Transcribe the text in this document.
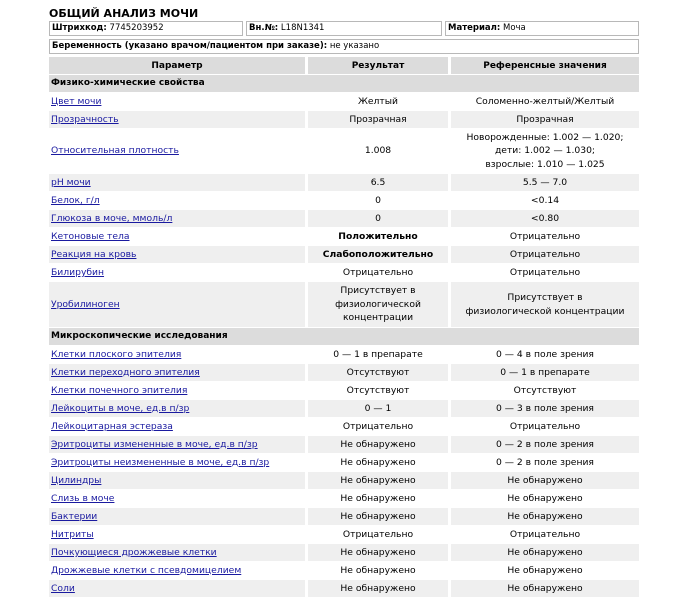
ОБЩИЙ АНАЛИЗ МОЧИ
Штрихкод: 7745203952	Вн.№: L18N1341	Материал: Моча
Беременность (указано врачом/пациентом при заказе): не указано
Параметр	Результат	Референсные значения
Физико-химические свойства		
Цвет мочи	Желтый	Соломенно-желтый/Желтый
Прозрачность	Прозрачная	Прозрачная
Относительная плотность	1.008	Новорожденные: 1.002 — 1.020;
дети: 1.002 — 1.030;
взрослые: 1.010 — 1.025
pH мочи	6.5	5.5 — 7.0
Белок, г/л	0	<0.14
Глюкоза в моче, ммоль/л	0	<0.80
Кетоновые тела	Положительно	Отрицательно
Реакция на кровь	Слабоположительно	Отрицательно
Билирубин	Отрицательно	Отрицательно
Уробилиноген	Присутствует в
физиологической
концентрации	Присутствует в
физиологической концентрации
Микроскопические исследования		
Клетки плоского эпителия	0 — 1 в препарате	0 — 4 в поле зрения
Клетки переходного эпителия	Отсутствуют	0 — 1 в препарате
Клетки почечного эпителия	Отсутствуют	Отсутствуют
Лейкоциты в моче, ед.в п/зр	0 — 1	0 — 3 в поле зрения
Лейкоцитарная эстераза	Отрицательно	Отрицательно
Эритроциты измененные в моче, ед.в п/зр	Не обнаружено	0 — 2 в поле зрения
Эритроциты неизмененные в моче, ед.в п/зр	Не обнаружено	0 — 2 в поле зрения
Цилиндры	Не обнаружено	Не обнаружено
Слизь в моче	Не обнаружено	Не обнаружено
Бактерии	Не обнаружено	Не обнаружено
Нитриты	Отрицательно	Отрицательно
Почкующиеся дрожжевые клетки	Не обнаружено	Не обнаружено
Дрожжевые клетки с псевдомицелием	Не обнаружено	Не обнаружено
Соли	Не обнаружено	Не обнаружено
